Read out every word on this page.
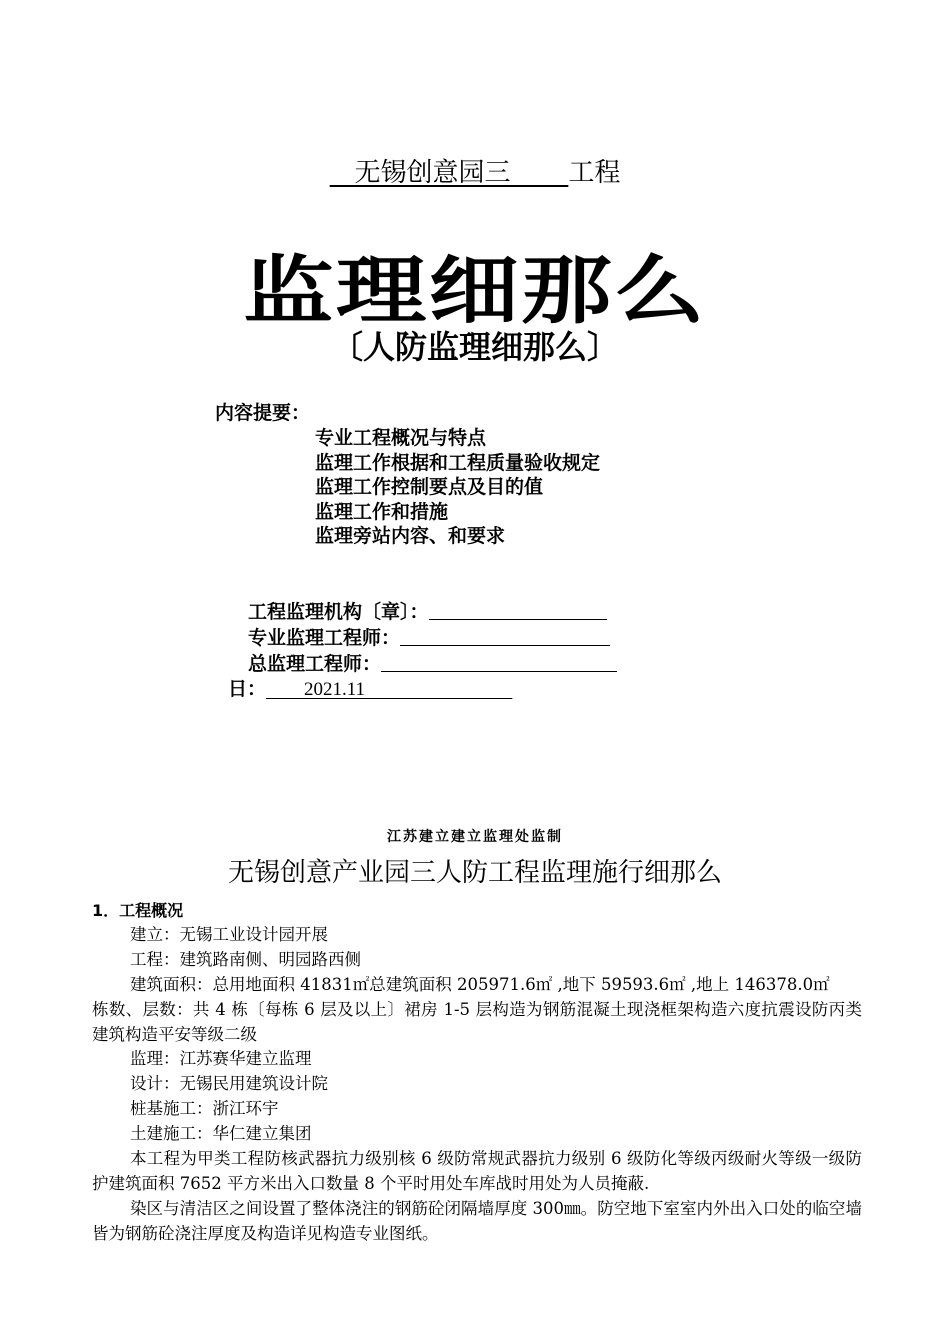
无锡创意园三 工程
监理细那么
〔人防监理细那么〕
内容提要：
专业工程概况与特点
监理工作根据和工程质量验收规定
监理工作控制要点及目的值
监理工作和措施
监理旁站内容、和要求
工程监理机构〔章〕：
专业监理工程师：
总监理工程师：
日： 2021.11
江苏建立建立监理处监制
无锡创意产业园三人防工程监理施行细那么
1．工程概况
建立：无锡工业设计园开展
工程：建筑路南侧、明园路西侧
建筑面积：总用地面积 41831㎡总建筑面积 205971.6㎡ ,地下 59593.6㎡ ,地上 146378.0㎡
栋数、层数：共 4 栋〔每栋 6 层及以上〕裙房 1-5 层构造为钢筋混凝土现浇框架构造六度抗震设防丙类建筑构造平安等级二级
监理：江苏赛华建立监理
设计：无锡民用建筑设计院
桩基施工：浙江环宇
土建施工：华仁建立集团
本工程为甲类工程防核武器抗力级别核 6 级防常规武器抗力级别 6 级防化等级丙级耐火等级一级防护建筑面积 7652 平方米出入口数量 8 个平时用处车库战时用处为人员掩蔽.
染区与清洁区之间设置了整体浇注的钢筋砼闭隔墙厚度 300㎜。防空地下室室内外出入口处的临空墙皆为钢筋砼浇注厚度及构造详见构造专业图纸。
